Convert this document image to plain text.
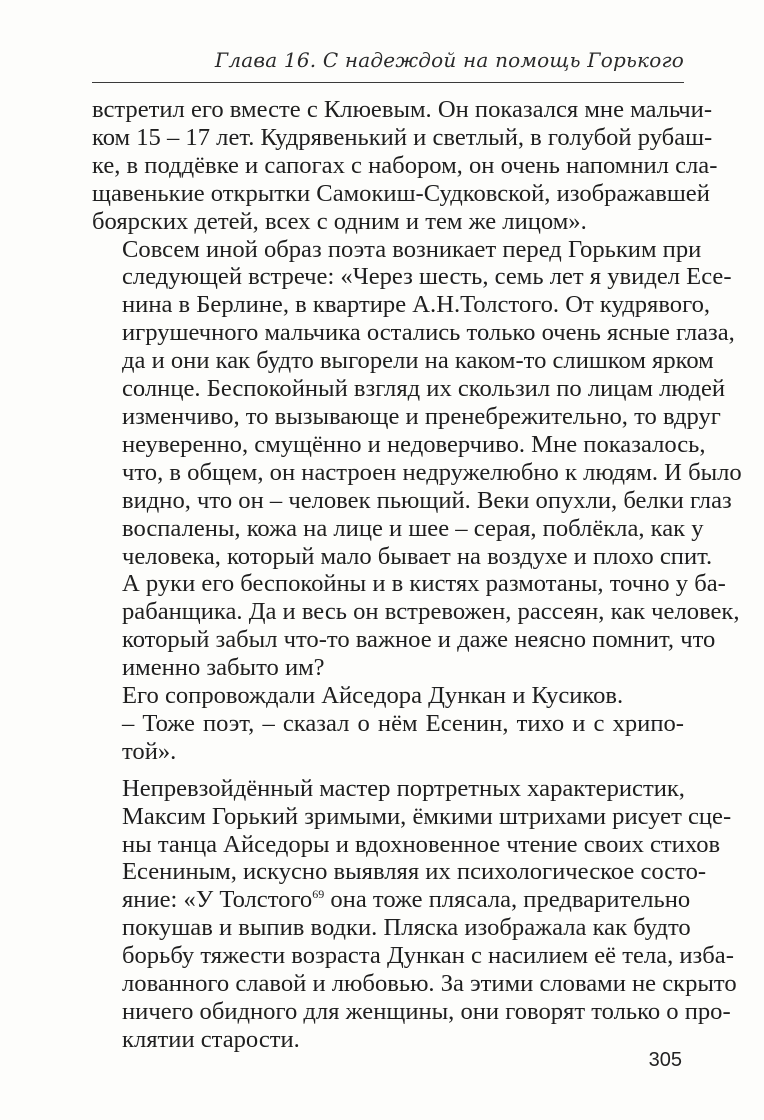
Глава 16. С надеждой на помощь Горького

встретил его вместе с Клюевым. Он показался мне мальчи-
ком 15 – 17 лет. Кудрявенький и светлый, в голубой рубаш-
ке, в поддёвке и сапогах с набором, он очень напомнил сла-
щавенькие открытки Самокиш-Судковской, изображавшей
боярских детей, всех с одним и тем же лицом».

Совсем иной образ поэта возникает перед Горьким при
следующей встрече: «Через шесть, семь лет я увидел Есе-
нина в Берлине, в квартире А.Н.Толстого. От кудрявого,
игрушечного мальчика остались только очень ясные глаза,
да и они как будто выгорели на каком-то слишком ярком
солнце. Беспокойный взгляд их скользил по лицам людей
изменчиво, то вызывающе и пренебрежительно, то вдруг
неуверенно, смущённо и недоверчиво. Мне показалось,
что, в общем, он настроен недружелюбно к людям. И было
видно, что он – человек пьющий. Веки опухли, белки глаз
воспалены, кожа на лице и шее – серая, поблёкла, как у
человека, который мало бывает на воздухе и плохо спит.
А руки его беспокойны и в кистях размотаны, точно у ба-
рабанщика. Да и весь он встревожен, рассеян, как человек,
который забыл что-то важное и даже неясно помнит, что
именно забыто им?

Его сопровождали Айседора Дункан и Кусиков.

– Тоже поэт, – сказал о нём Есенин, тихо и с хрипо-
той».

Непревзойдённый мастер портретных характеристик,
Максим Горький зримыми, ёмкими штрихами рисует сце-
ны танца Айседоры и вдохновенное чтение своих стихов
Есениным, искусно выявляя их психологическое состо-
яние: «У Толстого$^{69}$ она тоже плясала, предварительно
покушав и выпив водки. Пляска изображала как будто
борьбу тяжести возраста Дункан с насилием её тела, изба-
лованного славой и любовью. За этими словами не скрыто
ничего обидного для женщины, они говорят только о про-
клятии старости.

305
